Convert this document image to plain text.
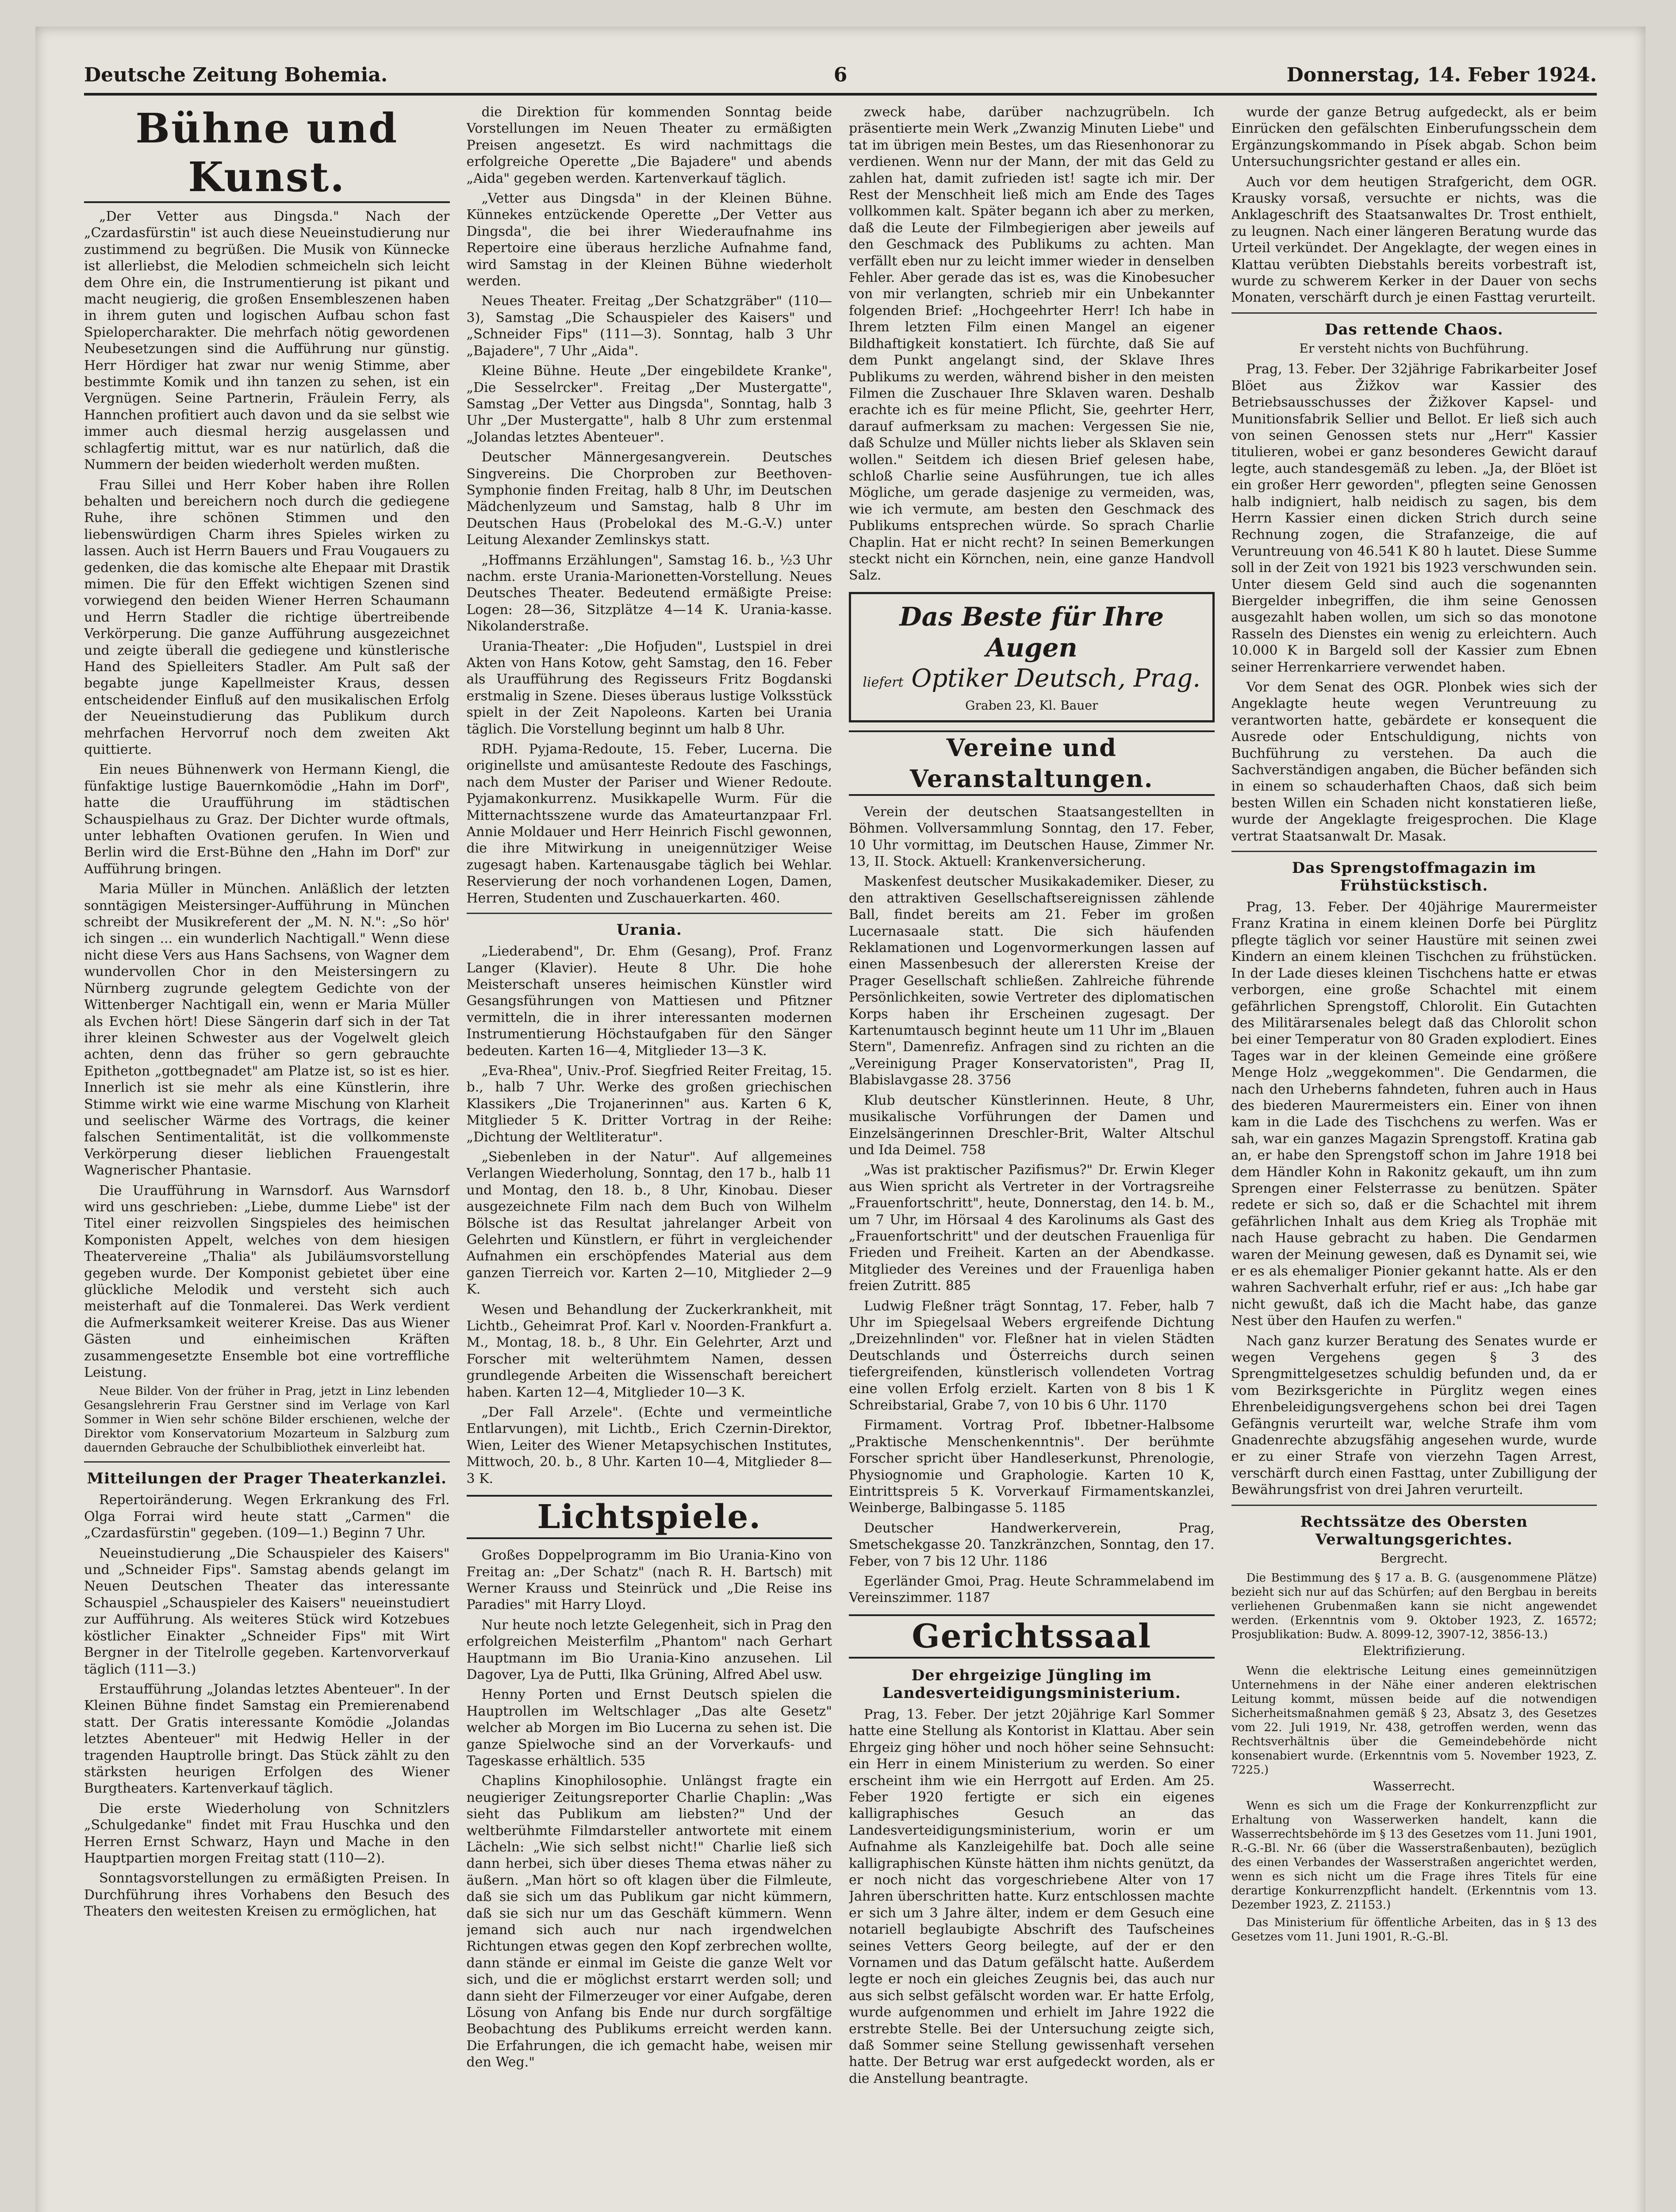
Deutsche Zeitung Bohemia.	6	Donnerstag, 14. Feber 1924.
Bühne und Kunst.

„Der Vetter aus Dingsda." Nach der „Czardasfürstin" ist auch diese Neueinstudierung nur zustimmend zu begrüßen. Die Musik von Künnecke ist allerliebst, die Melodien schmeicheln sich leicht dem Ohre ein, die Instrumentierung ist pikant und macht neugierig, die großen Ensembleszenen haben in ihrem guten und logischen Aufbau schon fast Spielopercharakter. Die mehrfach nötig gewordenen Neubesetzungen sind die Aufführung nur günstig. Herr Hördiger hat zwar nur wenig Stimme, aber bestimmte Komik und ihn tanzen zu sehen, ist ein Vergnügen. Seine Partnerin, Fräulein Ferry, als Hannchen profitiert auch davon und da sie selbst wie immer auch diesmal herzig ausgelassen und schlagfertig mittut, war es nur natürlich, daß die Nummern der beiden wiederholt werden mußten.

Frau Sillei und Herr Kober haben ihre Rollen behalten und bereichern noch durch die gediegene Ruhe, ihre schönen Stimmen und den liebenswürdigen Charm ihres Spieles wirken zu lassen. Auch ist Herrn Bauers und Frau Vougauers zu gedenken, die das komische alte Ehepaar mit Drastik mimen. Die für den Effekt wichtigen Szenen sind vorwiegend den beiden Wiener Herren Schaumann und Herrn Stadler die richtige übertreibende Verkörperung. Die ganze Aufführung ausgezeichnet und zeigte überall die gediegene und künstlerische Hand des Spielleiters Stadler. Am Pult saß der begabte junge Kapellmeister Kraus, dessen entscheidender Einfluß auf den musikalischen Erfolg der Neueinstudierung das Publikum durch mehrfachen Hervorruf noch dem zweiten Akt quittierte.

Ein neues Bühnenwerk von Hermann Kiengl, die fünfaktige lustige Bauernkomödie „Hahn im Dorf", hatte die Uraufführung im städtischen Schauspielhaus zu Graz. Der Dichter wurde oftmals, unter lebhaften Ovationen gerufen. In Wien und Berlin wird die Erst-Bühne den „Hahn im Dorf" zur Aufführung bringen.

Maria Müller in München. Anläßlich der letzten sonntägigen Meistersinger-Aufführung in München schreibt der Musikreferent der „M. N. N.": „So hör' ich singen ... ein wunderlich Nachtigall." Wenn diese nicht diese Vers aus Hans Sachsens, von Wagner dem wundervollen Chor in den Meistersingern zu Nürnberg zugrunde gelegtem Gedichte von der Wittenberger Nachtigall ein, wenn er Maria Müller als Evchen hört! Diese Sängerin darf sich in der Tat ihrer kleinen Schwester aus der Vogelwelt gleich achten, denn das früher so gern gebrauchte Epitheton „gottbegnadet" am Platze ist, so ist es hier. Innerlich ist sie mehr als eine Künstlerin, ihre Stimme wirkt wie eine warme Mischung von Klarheit und seelischer Wärme des Vortrags, die keiner falschen Sentimentalität, ist die vollkommenste Verkörperung dieser lieblichen Frauengestalt Wagnerischer Phantasie.

Die Uraufführung in Warnsdorf. Aus Warnsdorf wird uns geschrieben: „Liebe, dumme Liebe" ist der Titel einer reizvollen Singspieles des heimischen Komponisten Appelt, welches von dem hiesigen Theatervereine „Thalia" als Jubiläumsvorstellung gegeben wurde. Der Komponist gebietet über eine glückliche Melodik und versteht sich auch meisterhaft auf die Tonmalerei. Das Werk verdient die Aufmerksamkeit weiterer Kreise. Das aus Wiener Gästen und einheimischen Kräften zusammengesetzte Ensemble bot eine vortreffliche Leistung.

Neue Bilder. Von der früher in Prag, jetzt in Linz lebenden Gesangslehrerin Frau Gerstner sind im Verlage von Karl Sommer in Wien sehr schöne Bilder erschienen, welche der Direktor vom Konservatorium Mozarteum in Salzburg zum dauernden Gebrauche der Schulbibliothek einverleibt hat.

Mitteilungen der Prager Theaterkanzlei.

Repertoiränderung. Wegen Erkrankung des Frl. Olga Forrai wird heute statt „Carmen" die „Czardasfürstin" gegeben. (109—1.) Beginn 7 Uhr.

Neueinstudierung „Die Schauspieler des Kaisers" und „Schneider Fips". Samstag abends gelangt im Neuen Deutschen Theater das interessante Schauspiel „Schauspieler des Kaisers" neueinstudiert zur Aufführung. Als weiteres Stück wird Kotzebues köstlicher Einakter „Schneider Fips" mit Wirt Bergner in der Titelrolle gegeben. Kartenvorverkauf täglich (111—3.)

Erstaufführung „Jolandas letztes Abenteuer". In der Kleinen Bühne findet Samstag ein Premierenabend statt. Der Gratis interessante Komödie „Jolandas letztes Abenteuer" mit Hedwig Heller in der tragenden Hauptrolle bringt. Das Stück zählt zu den stärksten heurigen Erfolgen des Wiener Burgtheaters. Kartenverkauf täglich.

Die erste Wiederholung von Schnitzlers „Schulgedanke" findet mit Frau Huschka und den Herren Ernst Schwarz, Hayn und Mache in den Hauptpartien morgen Freitag statt (110—2).

Sonntagsvorstellungen zu ermäßigten Preisen. In Durchführung ihres Vorhabens den Besuch des Theaters den weitesten Kreisen zu ermöglichen, hat

die Direktion für kommenden Sonntag beide Vorstellungen im Neuen Theater zu ermäßigten Preisen angesetzt. Es wird nachmittags die erfolgreiche Operette „Die Bajadere" und abends „Aida" gegeben werden. Kartenverkauf täglich.

„Vetter aus Dingsda" in der Kleinen Bühne. Künnekes entzückende Operette „Der Vetter aus Dingsda", die bei ihrer Wiederaufnahme ins Repertoire eine überaus herzliche Aufnahme fand, wird Samstag in der Kleinen Bühne wiederholt werden.

Neues Theater. Freitag „Der Schatzgräber" (110—3), Samstag „Die Schauspieler des Kaisers" und „Schneider Fips" (111—3). Sonntag, halb 3 Uhr „Bajadere", 7 Uhr „Aida".

Kleine Bühne. Heute „Der eingebildete Kranke", „Die Sesselrcker". Freitag „Der Mustergatte", Samstag „Der Vetter aus Dingsda", Sonntag, halb 3 Uhr „Der Mustergatte", halb 8 Uhr zum erstenmal „Jolandas letztes Abenteuer".

Deutscher Männergesangverein. Deutsches Singvereins. Die Chorproben zur Beethoven-Symphonie finden Freitag, halb 8 Uhr, im Deutschen Mädchenlyzeum und Samstag, halb 8 Uhr im Deutschen Haus (Probelokal des M.-G.-V.) unter Leitung Alexander Zemlinskys statt.

„Hoffmanns Erzählungen", Samstag 16. b., ½3 Uhr nachm. erste Urania-Marionetten-Vorstellung. Neues Deutsches Theater. Bedeutend ermäßigte Preise: Logen: 28—36, Sitzplätze 4—14 K. Urania-kasse. Nikolanderstraße.

Urania-Theater: „Die Hofjuden", Lustspiel in drei Akten von Hans Kotow, geht Samstag, den 16. Feber als Uraufführung des Regisseurs Fritz Bogdanski erstmalig in Szene. Dieses überaus lustige Volksstück spielt in der Zeit Napoleons. Karten bei Urania täglich. Die Vorstellung beginnt um halb 8 Uhr.

RDH. Pyjama-Redoute, 15. Feber, Lucerna. Die originellste und amüsanteste Redoute des Faschings, nach dem Muster der Pariser und Wiener Redoute. Pyjamakonkurrenz. Musikkapelle Wurm. Für die Mitternachtsszene wurde das Amateurtanzpaar Frl. Annie Moldauer und Herr Heinrich Fischl gewonnen, die ihre Mitwirkung in uneigennütziger Weise zugesagt haben. Kartenausgabe täglich bei Wehlar. Reservierung der noch vorhandenen Logen, Damen, Herren, Studenten und Zuschauerkarten. 460.

Urania.

„Liederabend", Dr. Ehm (Gesang), Prof. Franz Langer (Klavier). Heute 8 Uhr. Die hohe Meisterschaft unseres heimischen Künstler wird Gesangsführungen von Mattiesen und Pfitzner vermitteln, die in ihrer interessanten modernen Instrumentierung Höchstaufgaben für den Sänger bedeuten. Karten 16—4, Mitglieder 13—3 K.

„Eva-Rhea", Univ.-Prof. Siegfried Reiter Freitag, 15. b., halb 7 Uhr. Werke des großen griechischen Klassikers „Die Trojanerinnen" aus. Karten 6 K, Mitglieder 5 K. Dritter Vortrag in der Reihe: „Dichtung der Weltliteratur".

„Siebenleben in der Natur". Auf allgemeines Verlangen Wiederholung, Sonntag, den 17 b., halb 11 und Montag, den 18. b., 8 Uhr, Kinobau. Dieser ausgezeichnete Film nach dem Buch von Wilhelm Bölsche ist das Resultat jahrelanger Arbeit von Gelehrten und Künstlern, er führt in vergleichender Aufnahmen ein erschöpfendes Material aus dem ganzen Tierreich vor. Karten 2—10, Mitglieder 2—9 K.

Wesen und Behandlung der Zuckerkrankheit, mit Lichtb., Geheimrat Prof. Karl v. Noorden-Frankfurt a. M., Montag, 18. b., 8 Uhr. Ein Gelehrter, Arzt und Forscher mit welterühmtem Namen, dessen grundlegende Arbeiten die Wissenschaft bereichert haben. Karten 12—4, Mitglieder 10—3 K.

„Der Fall Arzele". (Echte und vermeintliche Entlarvungen), mit Lichtb., Erich Czernin-Direktor, Wien, Leiter des Wiener Metapsychischen Institutes, Mittwoch, 20. b., 8 Uhr. Karten 10—4, Mitglieder 8—3 K.

Lichtspiele.

Großes Doppelprogramm im Bio Urania-Kino von Freitag an: „Der Schatz" (nach R. H. Bartsch) mit Werner Krauss und Steinrück und „Die Reise ins Paradies" mit Harry Lloyd.

Nur heute noch letzte Gelegenheit, sich in Prag den erfolgreichen Meisterfilm „Phantom" nach Gerhart Hauptmann im Bio Urania-Kino anzusehen. Lil Dagover, Lya de Putti, Ilka Grüning, Alfred Abel usw.

Henny Porten und Ernst Deutsch spielen die Hauptrollen im Weltschlager „Das alte Gesetz" welcher ab Morgen im Bio Lucerna zu sehen ist. Die ganze Spielwoche sind an der Vorverkaufs- und Tageskasse erhältlich. 535

Chaplins Kinophilosophie. Unlängst fragte ein neugieriger Zeitungsreporter Charlie Chaplin: „Was sieht das Publikum am liebsten?" Und der weltberühmte Filmdarsteller antwortete mit einem Lächeln: „Wie sich selbst nicht!" Charlie ließ sich dann herbei, sich über dieses Thema etwas näher zu äußern. „Man hört so oft klagen über die Filmleute, daß sie sich um das Publikum gar nicht kümmern, daß sie sich nur um das Geschäft kümmern. Wenn jemand sich auch nur nach irgendwelchen Richtungen etwas gegen den Kopf zerbrechen wollte, dann stände er einmal im Geiste die ganze Welt vor sich, und die er möglichst erstarrt werden soll; und dann sieht der Filmerzeuger vor einer Aufgabe, deren Lösung von Anfang bis Ende nur durch sorgfältige Beobachtung des Publikums erreicht werden kann. Die Erfahrungen, die ich gemacht habe, weisen mir den Weg."

zweck habe, darüber nachzugrübeln. Ich präsentierte mein Werk „Zwanzig Minuten Liebe" und tat im übrigen mein Bestes, um das Riesenhonorar zu verdienen. Wenn nur der Mann, der mit das Geld zu zahlen hat, damit zufrieden ist! sagte ich mir. Der Rest der Menschheit ließ mich am Ende des Tages vollkommen kalt. Später begann ich aber zu merken, daß die Leute der Filmbegierigen aber jeweils auf den Geschmack des Publikums zu achten. Man verfällt eben nur zu leicht immer wieder in denselben Fehler. Aber gerade das ist es, was die Kinobesucher von mir verlangten, schrieb mir ein Unbekannter folgenden Brief: „Hochgeehrter Herr! Ich habe in Ihrem letzten Film einen Mangel an eigener Bildhaftigkeit konstatiert. Ich fürchte, daß Sie auf dem Punkt angelangt sind, der Sklave Ihres Publikums zu werden, während bisher in den meisten Filmen die Zuschauer Ihre Sklaven waren. Deshalb erachte ich es für meine Pflicht, Sie, geehrter Herr, darauf aufmerksam zu machen: Vergessen Sie nie, daß Schulze und Müller nichts lieber als Sklaven sein wollen." Seitdem ich diesen Brief gelesen habe, schloß Charlie seine Ausführungen, tue ich alles Mögliche, um gerade dasjenige zu vermeiden, was, wie ich vermute, am besten den Geschmack des Publikums entsprechen würde. So sprach Charlie Chaplin. Hat er nicht recht? In seinen Bemerkungen steckt nicht ein Körnchen, nein, eine ganze Handvoll Salz.

Das Beste für Ihre Augen
liefert Optiker Deutsch, Prag.
Graben 23, Kl. Bauer
Vereine und Veranstaltungen.

Verein der deutschen Staatsangestellten in Böhmen. Vollversammlung Sonntag, den 17. Feber, 10 Uhr vormittag, im Deutschen Hause, Zimmer Nr. 13, II. Stock. Aktuell: Krankenversicherung.

Maskenfest deutscher Musikakademiker. Dieser, zu den attraktiven Gesellschaftsereignissen zählende Ball, findet bereits am 21. Feber im großen Lucernasaale statt. Die sich häufenden Reklamationen und Logenvormerkungen lassen auf einen Massenbesuch der allerersten Kreise der Prager Gesellschaft schließen. Zahlreiche führende Persönlichkeiten, sowie Vertreter des diplomatischen Korps haben ihr Erscheinen zugesagt. Der Kartenumtausch beginnt heute um 11 Uhr im „Blauen Stern", Damenrefiz. Anfragen sind zu richten an die „Vereinigung Prager Konservatoristen", Prag II, Blabislavgasse 28. 3756

Klub deutscher Künstlerinnen. Heute, 8 Uhr, musikalische Vorführungen der Damen und Einzelsängerinnen Dreschler-Brit, Walter Altschul und Ida Deimel. 758

„Was ist praktischer Pazifismus?" Dr. Erwin Kleger aus Wien spricht als Vertreter in der Vortragsreihe „Frauenfortschritt", heute, Donnerstag, den 14. b. M., um 7 Uhr, im Hörsaal 4 des Karolinums als Gast des „Frauenfortschritt" und der deutschen Frauenliga für Frieden und Freiheit. Karten an der Abendkasse. Mitglieder des Vereines und der Frauenliga haben freien Zutritt. 885

Ludwig Fleßner trägt Sonntag, 17. Feber, halb 7 Uhr im Spiegelsaal Webers ergreifende Dichtung „Dreizehnlinden" vor. Fleßner hat in vielen Städten Deutschlands und Österreichs durch seinen tiefergreifenden, künstlerisch vollendeten Vortrag eine vollen Erfolg erzielt. Karten von 8 bis 1 K Schreibstarial, Grabe 7, von 10 bis 6 Uhr. 1170

Firmament. Vortrag Prof. Ibbetner-Halbsome „Praktische Menschenkenntnis". Der berühmte Forscher spricht über Handleserkunst, Phrenologie, Physiognomie und Graphologie. Karten 10 K, Eintrittspreis 5 K. Vorverkauf Firmamentskanzlei, Weinberge, Balbingasse 5. 1185

Deutscher Handwerkerverein, Prag, Smetschekgasse 20. Tanzkränzchen, Sonntag, den 17. Feber, von 7 bis 12 Uhr. 1186

Egerländer Gmoi, Prag. Heute Schrammelabend im Vereinszimmer. 1187

Gerichtssaal
Der ehrgeizige Jüngling im Landesverteidigungsministerium.

Prag, 13. Feber. Der jetzt 20jährige Karl Sommer hatte eine Stellung als Kontorist in Klattau. Aber sein Ehrgeiz ging höher und noch höher seine Sehnsucht: ein Herr in einem Ministerium zu werden. So einer erscheint ihm wie ein Herrgott auf Erden. Am 25. Feber 1920 fertigte er sich ein eigenes kalligraphisches Gesuch an das Landesverteidigungsministerium, worin er um Aufnahme als Kanzleigehilfe bat. Doch alle seine kalligraphischen Künste hätten ihm nichts genützt, da er noch nicht das vorgeschriebene Alter von 17 Jahren überschritten hatte. Kurz entschlossen machte er sich um 3 Jahre älter, indem er dem Gesuch eine notariell beglaubigte Abschrift des Taufscheines seines Vetters Georg beilegte, auf der er den Vornamen und das Datum gefälscht hatte. Außerdem legte er noch ein gleiches Zeugnis bei, das auch nur aus sich selbst gefälscht worden war. Er hatte Erfolg, wurde aufgenommen und erhielt im Jahre 1922 die erstrebte Stelle. Bei der Untersuchung zeigte sich, daß Sommer seine Stellung gewissenhaft versehen hatte. Der Betrug war erst aufgedeckt worden, als er die Anstellung beantragte.

wurde der ganze Betrug aufgedeckt, als er beim Einrücken den gefälschten Einberufungsschein dem Ergänzungskommando in Písek abgab. Schon beim Untersuchungsrichter gestand er alles ein.

Auch vor dem heutigen Strafgericht, dem OGR. Krausky vorsaß, versuchte er nichts, was die Anklageschrift des Staatsanwaltes Dr. Trost enthielt, zu leugnen. Nach einer längeren Beratung wurde das Urteil verkündet. Der Angeklagte, der wegen eines in Klattau verübten Diebstahls bereits vorbestraft ist, wurde zu schwerem Kerker in der Dauer von sechs Monaten, verschärft durch je einen Fasttag verurteilt.

Das rettende Chaos.
Er versteht nichts von Buchführung.

Prag, 13. Feber. Der 32jährige Fabrikarbeiter Josef Blöet aus Žižkov war Kassier des Betriebsausschusses der Žižkover Kapsel- und Munitionsfabrik Sellier und Bellot. Er ließ sich auch von seinen Genossen stets nur „Herr" Kassier titulieren, wobei er ganz besonderes Gewicht darauf legte, auch standesgemäß zu leben. „Ja, der Blöet ist ein großer Herr geworden", pflegten seine Genossen halb indigniert, halb neidisch zu sagen, bis dem Herrn Kassier einen dicken Strich durch seine Rechnung zogen, die Strafanzeige, die auf Veruntreuung von 46.541 K 80 h lautet. Diese Summe soll in der Zeit von 1921 bis 1923 verschwunden sein. Unter diesem Geld sind auch die sogenannten Biergelder inbegriffen, die ihm seine Genossen ausgezahlt haben wollen, um sich so das monotone Rasseln des Dienstes ein wenig zu erleichtern. Auch 10.000 K in Bargeld soll der Kassier zum Ebnen seiner Herrenkarriere verwendet haben.

Vor dem Senat des OGR. Plonbek wies sich der Angeklagte heute wegen Veruntreuung zu verantworten hatte, gebärdete er konsequent die Ausrede oder Entschuldigung, nichts von Buchführung zu verstehen. Da auch die Sachverständigen angaben, die Bücher befänden sich in einem so schauderhaften Chaos, daß sich beim besten Willen ein Schaden nicht konstatieren ließe, wurde der Angeklagte freigesprochen. Die Klage vertrat Staatsanwalt Dr. Masak.

Das Sprengstoffmagazin im Frühstückstisch.

Prag, 13. Feber. Der 40jährige Maurermeister Franz Kratina in einem kleinen Dorfe bei Pürglitz pflegte täglich vor seiner Haustüre mit seinen zwei Kindern an einem kleinen Tischchen zu frühstücken. In der Lade dieses kleinen Tischchens hatte er etwas verborgen, eine große Schachtel mit einem gefährlichen Sprengstoff, Chlorolit. Ein Gutachten des Militärarsenales belegt daß das Chlorolit schon bei einer Temperatur von 80 Graden explodiert. Eines Tages war in der kleinen Gemeinde eine größere Menge Holz „weggekommen". Die Gendarmen, die nach den Urheberns fahndeten, fuhren auch in Haus des biederen Maurermeisters ein. Einer von ihnen kam in die Lade des Tischchens zu werfen. Was er sah, war ein ganzes Magazin Sprengstoff. Kratina gab an, er habe den Sprengstoff schon im Jahre 1918 bei dem Händler Kohn in Rakonitz gekauft, um ihn zum Sprengen einer Felsterrasse zu benützen. Später redete er sich so, daß er die Schachtel mit ihrem gefährlichen Inhalt aus dem Krieg als Trophäe mit nach Hause gebracht zu haben. Die Gendarmen waren der Meinung gewesen, daß es Dynamit sei, wie er es als ehemaliger Pionier gekannt hatte. Als er den wahren Sachverhalt erfuhr, rief er aus: „Ich habe gar nicht gewußt, daß ich die Macht habe, das ganze Nest über den Haufen zu werfen."

Nach ganz kurzer Beratung des Senates wurde er wegen Vergehens gegen § 3 des Sprengmittelgesetzes schuldig befunden und, da er vom Bezirksgerichte in Pürglitz wegen eines Ehrenbeleidigungsvergehens schon bei drei Tagen Gefängnis verurteilt war, welche Strafe ihm vom Gnadenrechte abzugsfähig angesehen wurde, wurde er zu einer Strafe von vierzehn Tagen Arrest, verschärft durch einen Fasttag, unter Zubilligung der Bewährungsfrist von drei Jahren verurteilt.

Rechtssätze des Obersten Verwaltungsgerichtes.
Bergrecht.

Die Bestimmung des § 17 a. B. G. (ausgenommene Plätze) bezieht sich nur auf das Schürfen; auf den Bergbau in bereits verliehenen Grubenmaßen kann sie nicht angewendet werden. (Erkenntnis vom 9. Oktober 1923, Z. 16572; Prosjublikation: Budw. A. 8099-12, 3907-12, 3856-13.)

Elektrifizierung.

Wenn die elektrische Leitung eines gemeinnützigen Unternehmens in der Nähe einer anderen elektrischen Leitung kommt, müssen beide auf die notwendigen Sicherheitsmaßnahmen gemäß § 23, Absatz 3, des Gesetzes vom 22. Juli 1919, Nr. 438, getroffen werden, wenn das Rechtsverhältnis über die Gemeindebehörde nicht konsenabiert wurde. (Erkenntnis vom 5. November 1923, Z. 7225.)

Wasserrecht.

Wenn es sich um die Frage der Konkurrenzpflicht zur Erhaltung von Wasserwerken handelt, kann die Wasserrechtsbehörde im § 13 des Gesetzes vom 11. Juni 1901, R.-G.-Bl. Nr. 66 (über die Wasserstraßenbauten), bezüglich des einen Verbandes der Wasserstraßen angerichtet werden, wenn es sich nicht um die Frage ihres Titels für eine derartige Konkurrenzpflicht handelt. (Erkenntnis vom 13. Dezember 1923, Z. 21153.)

Das Ministerium für öffentliche Arbeiten, das in § 13 des Gesetzes vom 11. Juni 1901, R.-G.-Bl.
